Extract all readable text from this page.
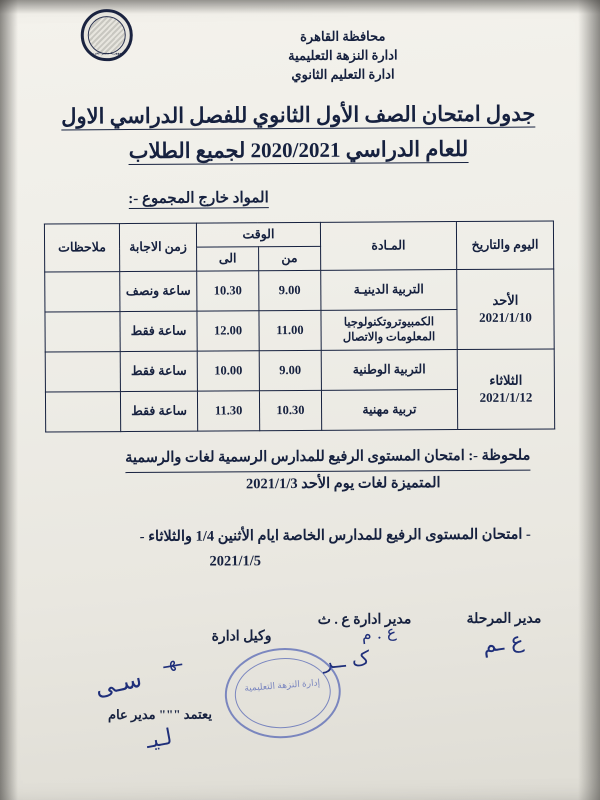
جمهورية مصر العربية
محافظة القاهرة
ادارة النزهة التعليمية
ادارة التعليم الثانوي
جدول امتحان الصف الأول الثانوي للفصل الدراسي الاول
للعام الدراسي 2020/2021 لجميع الطلاب
المواد خارج المجموع -:
اليوم والتاريخ	المـادة	الوقت		زمن الاجابة	ملاحظات
		من	الى		

الأحد
2021/1/10	التربية الدينيـة	9.00	10.30	ساعة ونصف	
	الكمبيوتروتكنولوجيا المعلومات والاتصال	11.00	12.00	ساعة فقط	

الثلاثاء
2021/1/12	التربية الوطنية	9.00	10.00	ساعة فقط	
	تربية مهنية	10.30	11.30	ساعة فقط	
ملحوظة -: امتحان المستوى الرفيع للمدارس الرسمية لغات والرسمية
المتميزة لغات يوم الأحد 2021/1/3
- امتحان المستوى الرفيع للمدارس الخاصة ايام الأثنين 1/4 والثلاثاء -
2021/1/5
مدير المرحلة
مدير ادارة ع . ث
وكيل ادارة
يعتمد """ مدير عام
ع ـم
ع . م
ک ــر
ـهـ
ﺳـﯽ
ﻟـﯿـ
إدارة النزهة التعليمية
